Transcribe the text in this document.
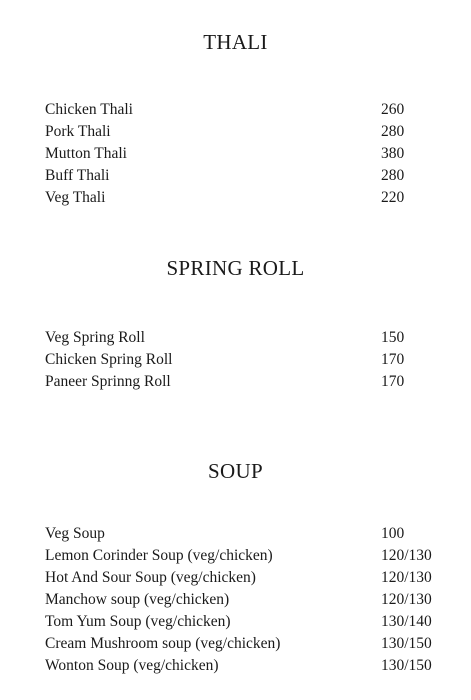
THALI
Chicken Thali	260
Pork Thali	280
Mutton Thali	380
Buff Thali	280
Veg Thali	220
SPRING ROLL
Veg Spring Roll	150
Chicken Spring Roll	170
Paneer Sprinng Roll	170
SOUP
Veg Soup	100
Lemon Corinder Soup (veg/chicken)	120/130
Hot And Sour Soup (veg/chicken)	120/130
Manchow soup (veg/chicken)	120/130
Tom Yum Soup (veg/chicken)	130/140
Cream Mushroom soup (veg/chicken)	130/150
Wonton Soup (veg/chicken)	130/150
